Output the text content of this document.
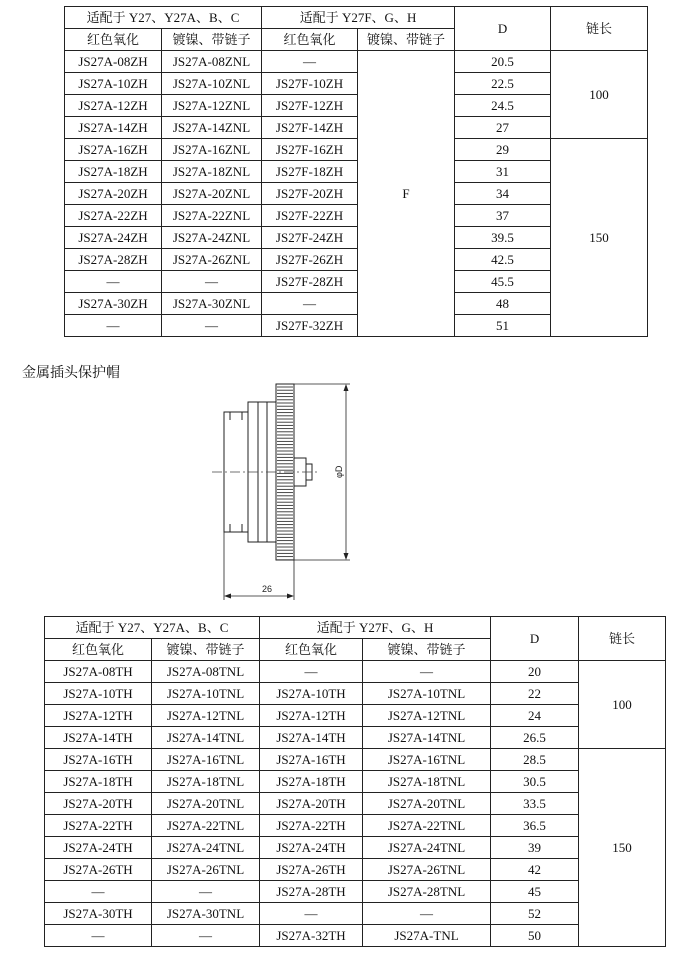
适配于 Y27、Y27A、B、C		适配于 Y27F、G、H		D	链长
红色氧化	镀镍、带链子	红色氧化	镀镍、带链子		
JS27A-08ZH	JS27A-08ZNL	—	F	20.5	100
JS27A-10ZH	JS27A-10ZNL	JS27F-10ZH		22.5	
JS27A-12ZH	JS27A-12ZNL	JS27F-12ZH		24.5	
JS27A-14ZH	JS27A-14ZNL	JS27F-14ZH		27	
JS27A-16ZH	JS27A-16ZNL	JS27F-16ZH		29	150
JS27A-18ZH	JS27A-18ZNL	JS27F-18ZH		31	
JS27A-20ZH	JS27A-20ZNL	JS27F-20ZH		34	
JS27A-22ZH	JS27A-22ZNL	JS27F-22ZH		37	
JS27A-24ZH	JS27A-24ZNL	JS27F-24ZH		39.5	
JS27A-28ZH	JS27A-26ZNL	JS27F-26ZH		42.5	
—	—	JS27F-28ZH		45.5	
JS27A-30ZH	JS27A-30ZNL	—		48	
—	—	JS27F-32ZH		51	
金属插头保护帽
φD
26
适配于 Y27、Y27A、B、C		适配于 Y27F、G、H		D	链长
红色氧化	镀镍、带链子	红色氧化	镀镍、带链子		
JS27A-08TH	JS27A-08TNL	—	—	20	100
JS27A-10TH	JS27A-10TNL	JS27A-10TH	JS27A-10TNL	22	
JS27A-12TH	JS27A-12TNL	JS27A-12TH	JS27A-12TNL	24	
JS27A-14TH	JS27A-14TNL	JS27A-14TH	JS27A-14TNL	26.5	
JS27A-16TH	JS27A-16TNL	JS27A-16TH	JS27A-16TNL	28.5	150
JS27A-18TH	JS27A-18TNL	JS27A-18TH	JS27A-18TNL	30.5	
JS27A-20TH	JS27A-20TNL	JS27A-20TH	JS27A-20TNL	33.5	
JS27A-22TH	JS27A-22TNL	JS27A-22TH	JS27A-22TNL	36.5	
JS27A-24TH	JS27A-24TNL	JS27A-24TH	JS27A-24TNL	39	
JS27A-26TH	JS27A-26TNL	JS27A-26TH	JS27A-26TNL	42	
—	—	JS27A-28TH	JS27A-28TNL	45	
JS27A-30TH	JS27A-30TNL	—	—	52	
—	—	JS27A-32TH	JS27A-TNL	50	
